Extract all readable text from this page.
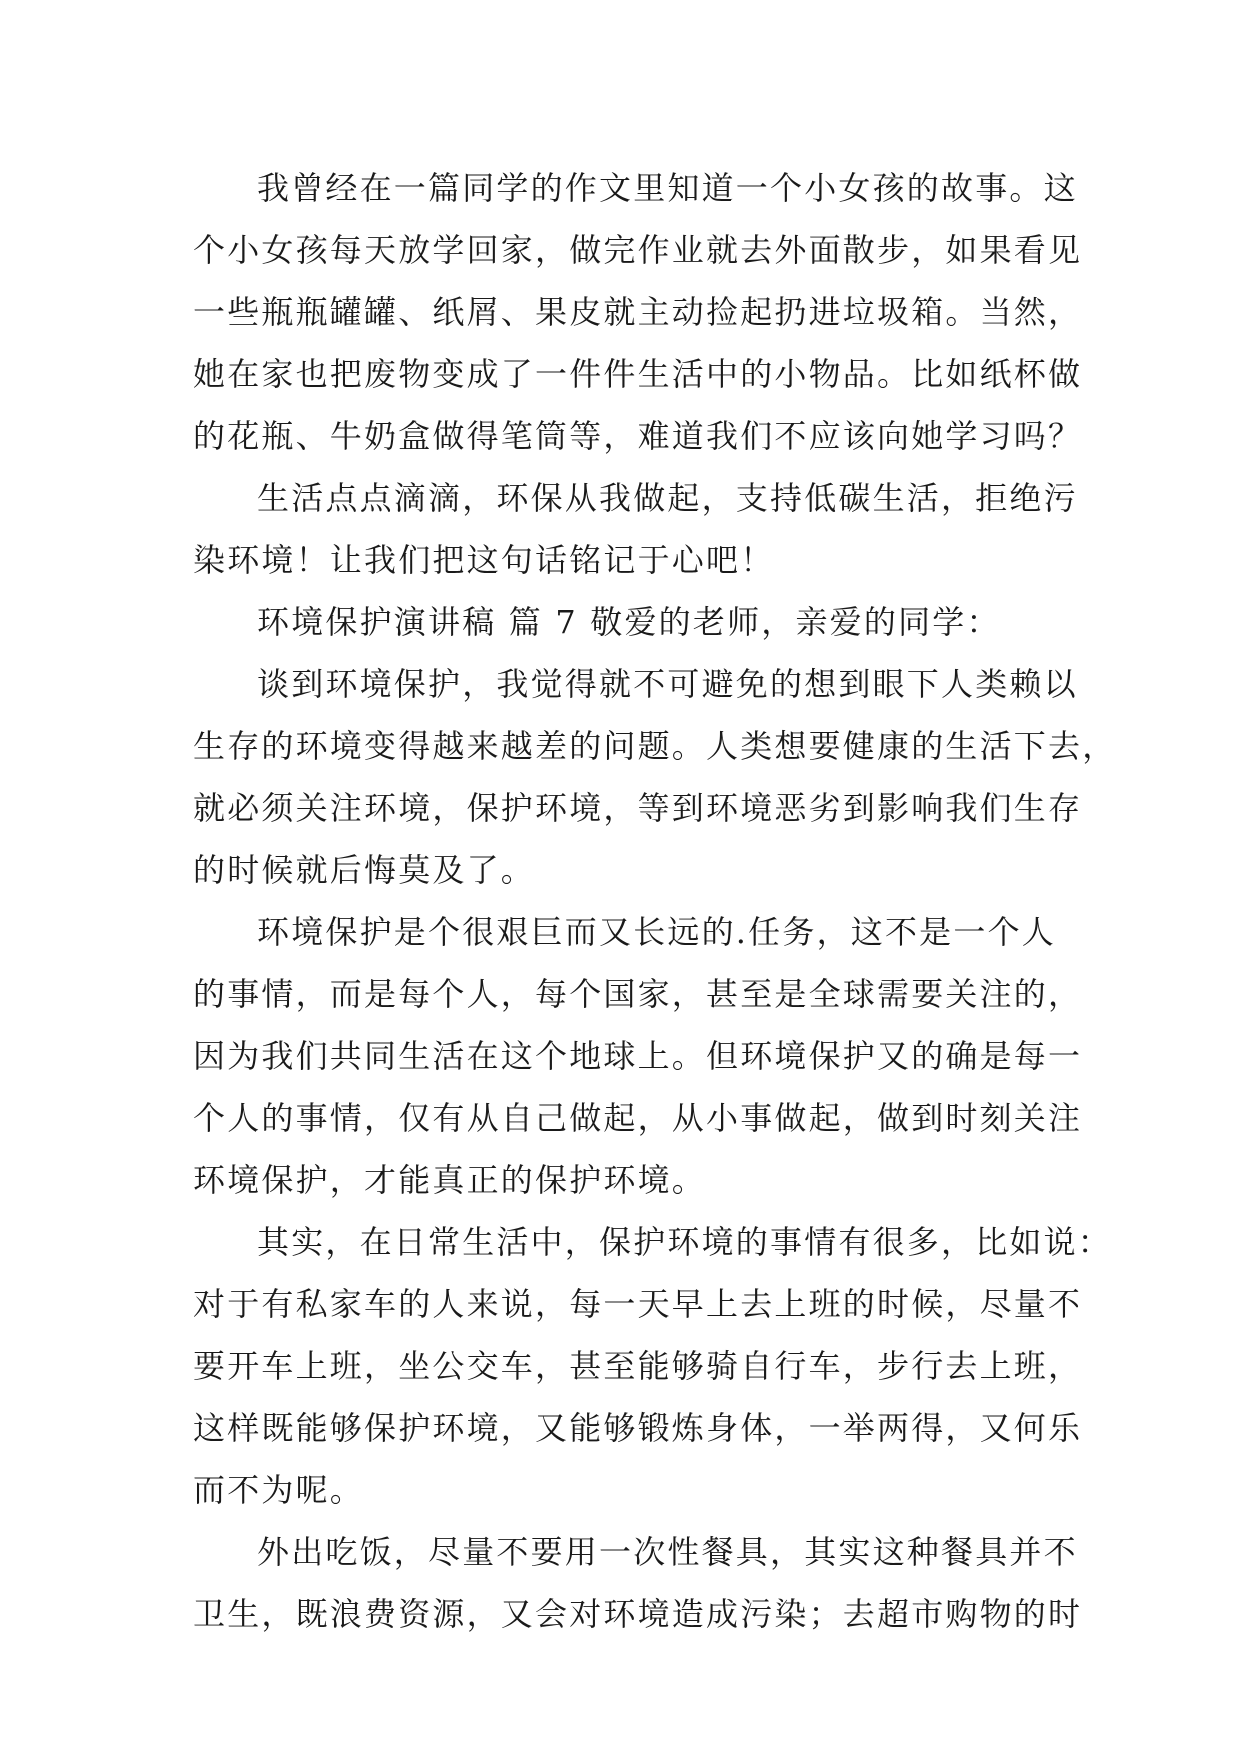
我曾经在一篇同学的作文里知道一个小女孩的故事。这
个小女孩每天放学回家，做完作业就去外面散步，如果看见
一些瓶瓶罐罐、纸屑、果皮就主动捡起扔进垃圾箱。当然，
她在家也把废物变成了一件件生活中的小物品。比如纸杯做
的花瓶、牛奶盒做得笔筒等，难道我们不应该向她学习吗？
生活点点滴滴，环保从我做起，支持低碳生活，拒绝污
染环境！让我们把这句话铭记于心吧！
环境保护演讲稿 篇 7 敬爱的老师，亲爱的同学：
谈到环境保护，我觉得就不可避免的想到眼下人类赖以
生存的环境变得越来越差的问题。人类想要健康的生活下去，
就必须关注环境，保护环境，等到环境恶劣到影响我们生存
的时候就后悔莫及了。
环境保护是个很艰巨而又长远的.任务，这不是一个人
的事情，而是每个人，每个国家，甚至是全球需要关注的，
因为我们共同生活在这个地球上。但环境保护又的确是每一
个人的事情，仅有从自己做起，从小事做起，做到时刻关注
环境保护，才能真正的保护环境。
其实，在日常生活中，保护环境的事情有很多，比如说：
对于有私家车的人来说，每一天早上去上班的时候，尽量不
要开车上班，坐公交车，甚至能够骑自行车，步行去上班，
这样既能够保护环境，又能够锻炼身体，一举两得，又何乐
而不为呢。
外出吃饭，尽量不要用一次性餐具，其实这种餐具并不
卫生，既浪费资源，又会对环境造成污染；去超市购物的时
